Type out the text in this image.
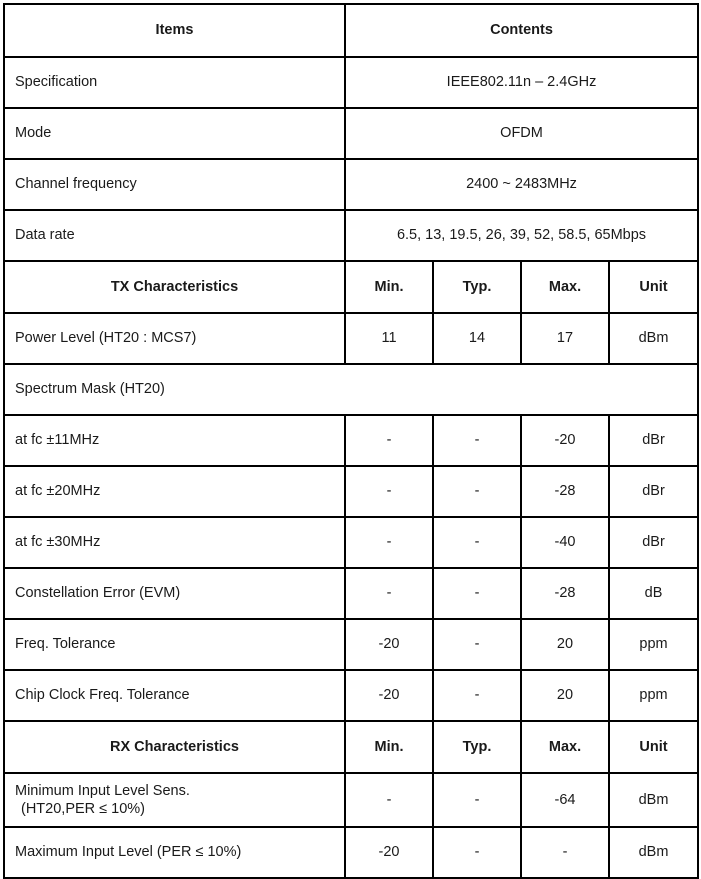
Items	Contents			
Specification	IEEE802.11n – 2.4GHz			
Mode	OFDM			
Channel frequency	2400 ~ 2483MHz			
Data rate	6.5, 13, 19.5, 26, 39, 52, 58.5, 65Mbps			
TX Characteristics	Min.	Typ.	Max.	Unit
Power Level (HT20 : MCS7)	11	14	17	dBm
Spectrum Mask (HT20)				
at fc ±11MHz	-	-	-20	dBr
at fc ±20MHz	-	-	-28	dBr
at fc ±30MHz	-	-	-40	dBr
Constellation Error (EVM)	-	-	-28	dB
Freq. Tolerance	-20	-	20	ppm
Chip Clock Freq. Tolerance	-20	-	20	ppm
RX Characteristics	Min.	Typ.	Max.	Unit
Minimum Input Level Sens.
(HT20,PER ≤ 10%)	-	-	-64	dBm
Maximum Input Level (PER ≤ 10%)	-20	-	-	dBm
